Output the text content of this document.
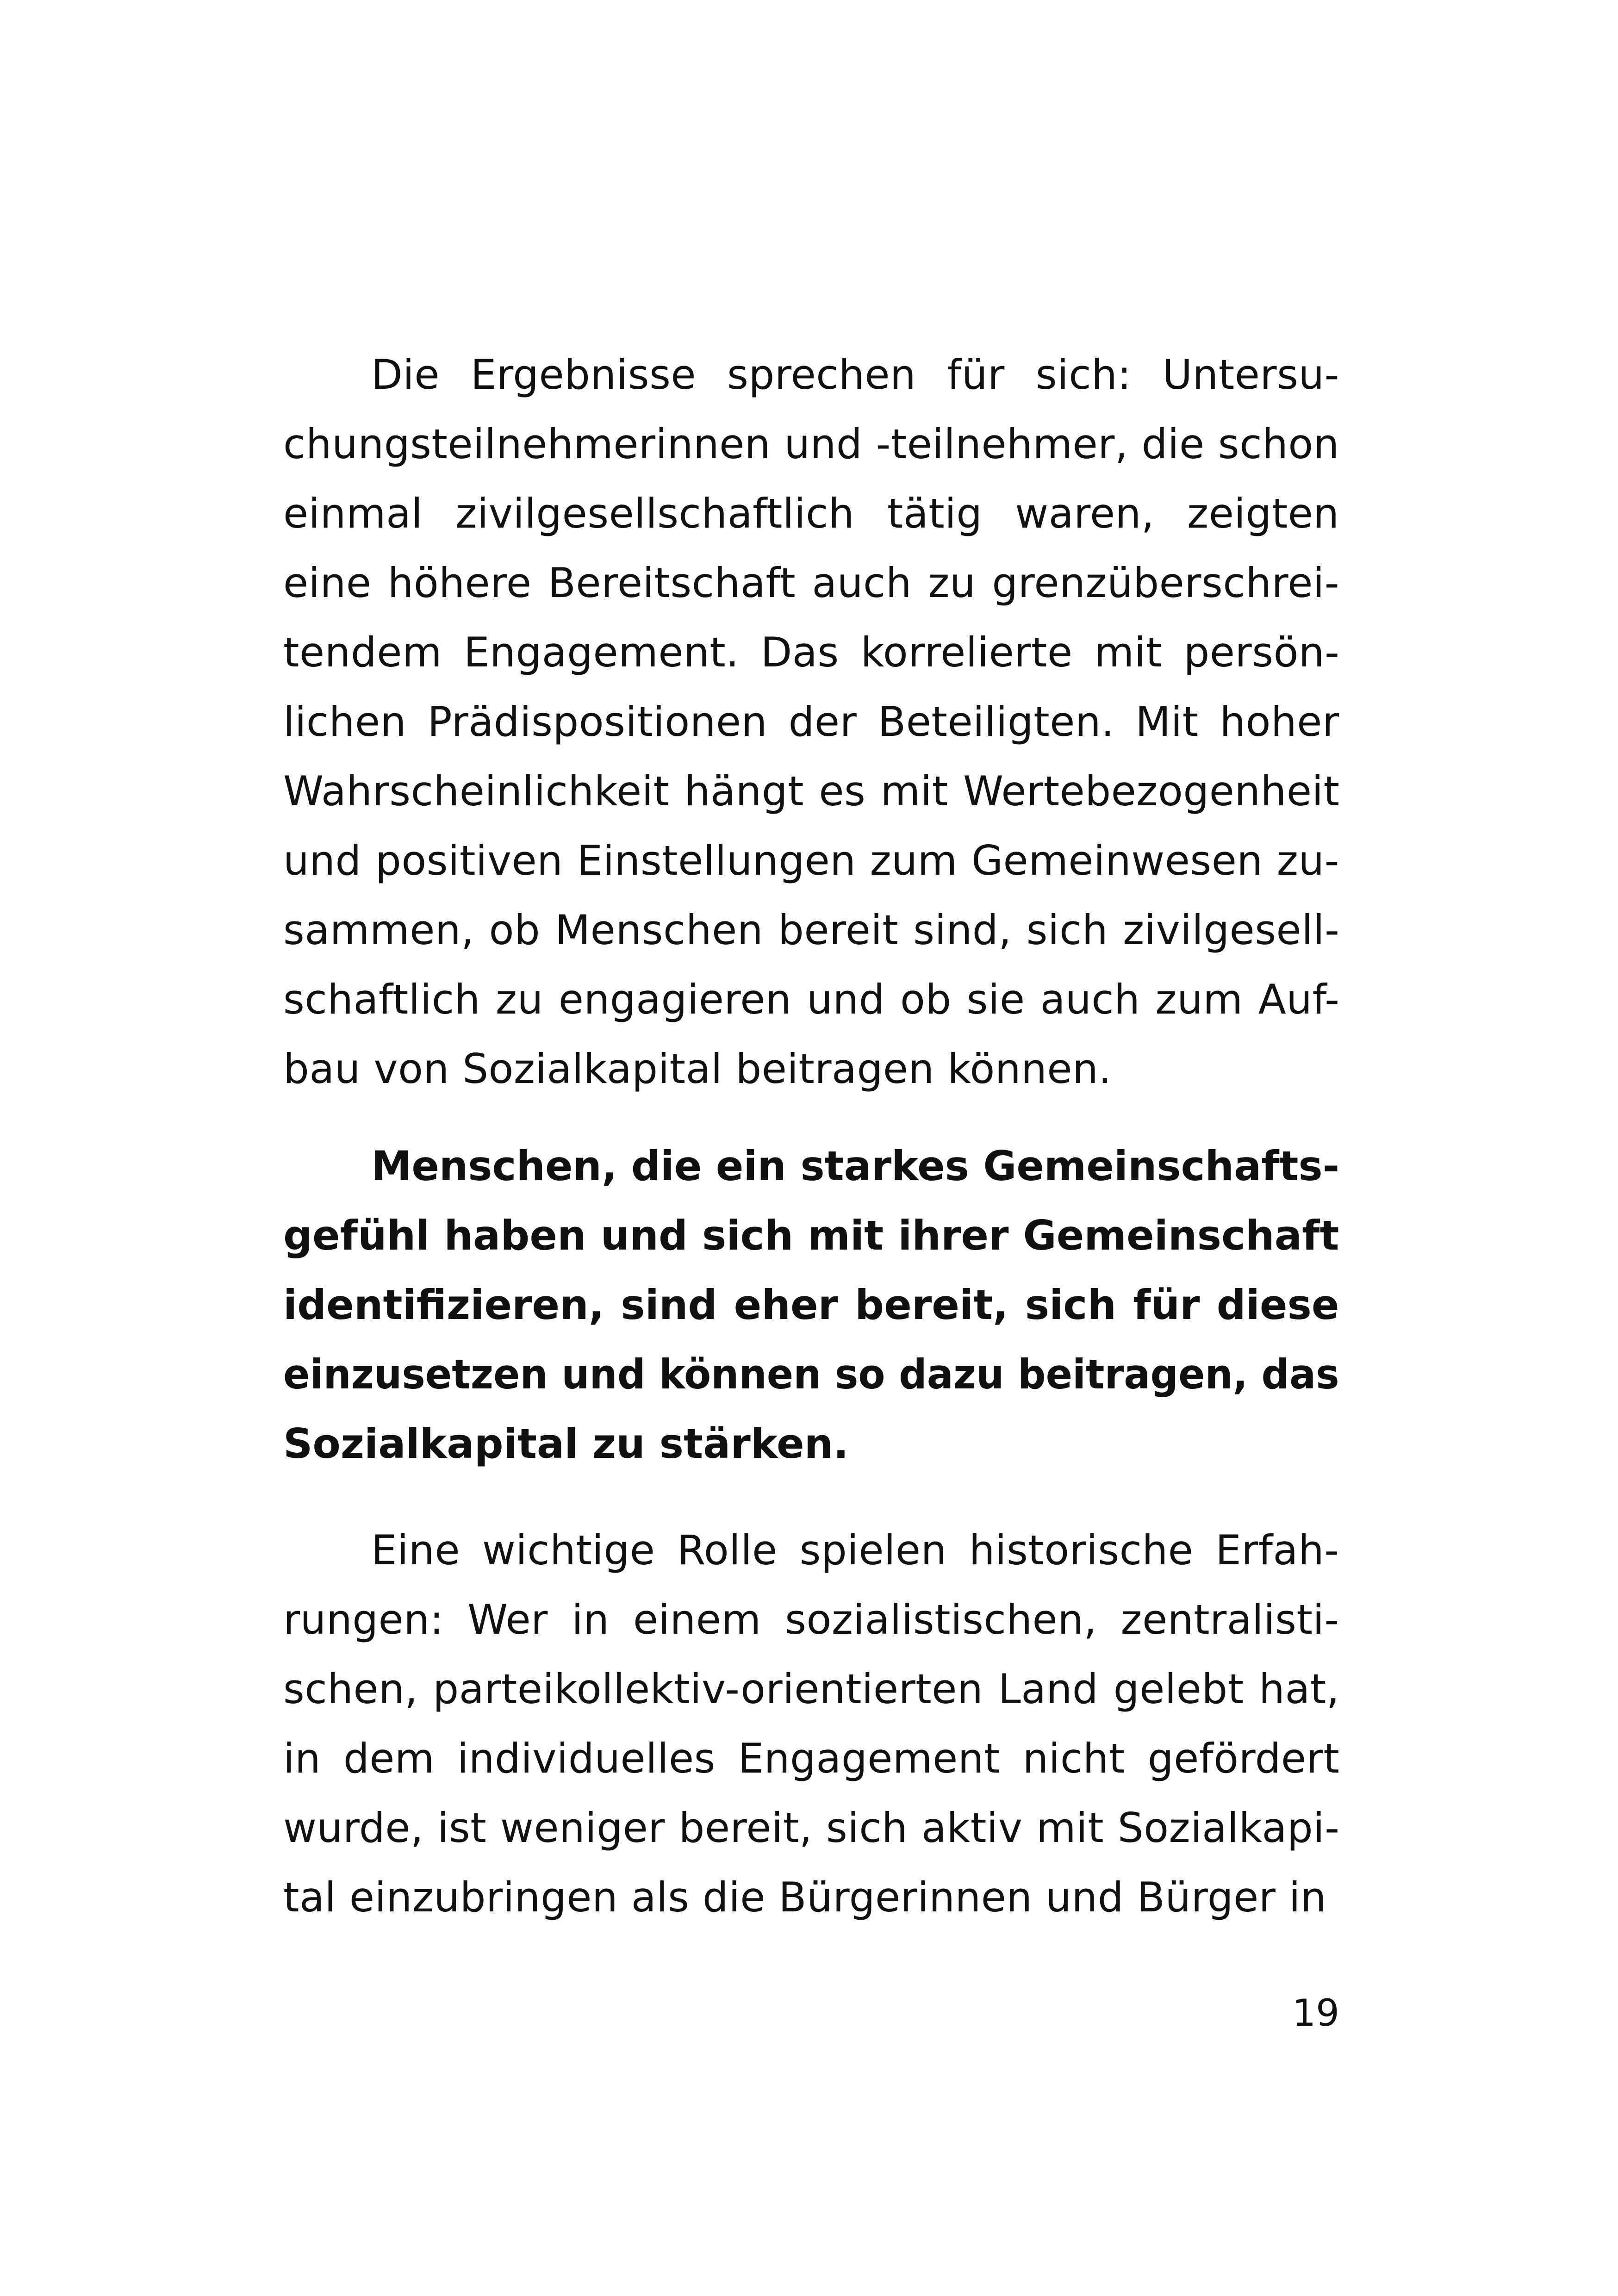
Die Ergebnisse sprechen für sich: Untersu-
chungsteilnehmerinnen und -teilnehmer, die schon
einmal zivilgesellschaftlich tätig waren, zeigten
eine höhere Bereitschaft auch zu grenzüberschrei-
tendem Engagement. Das korrelierte mit persön-
lichen Prädispositionen der Beteiligten. Mit hoher
Wahrscheinlichkeit hängt es mit Wertebezogenheit
und positiven Einstellungen zum Gemeinwesen zu-
sammen, ob Menschen bereit sind, sich zivilgesell-
schaftlich zu engagieren und ob sie auch zum Auf-
bau von Sozialkapital beitragen können.
Menschen, die ein starkes Gemeinschafts-
gefühl haben und sich mit ihrer Gemeinschaft
identifizieren, sind eher bereit, sich für diese
einzusetzen und können so dazu beitragen, das
Sozialkapital zu stärken.
Eine wichtige Rolle spielen historische Erfah-
rungen: Wer in einem sozialistischen, zentralisti-
schen, parteikollektiv-orientierten Land gelebt hat,
in dem individuelles Engagement nicht gefördert
wurde, ist weniger bereit, sich aktiv mit Sozialkapi-
tal einzubringen als die Bürgerinnen und Bürger in
19
